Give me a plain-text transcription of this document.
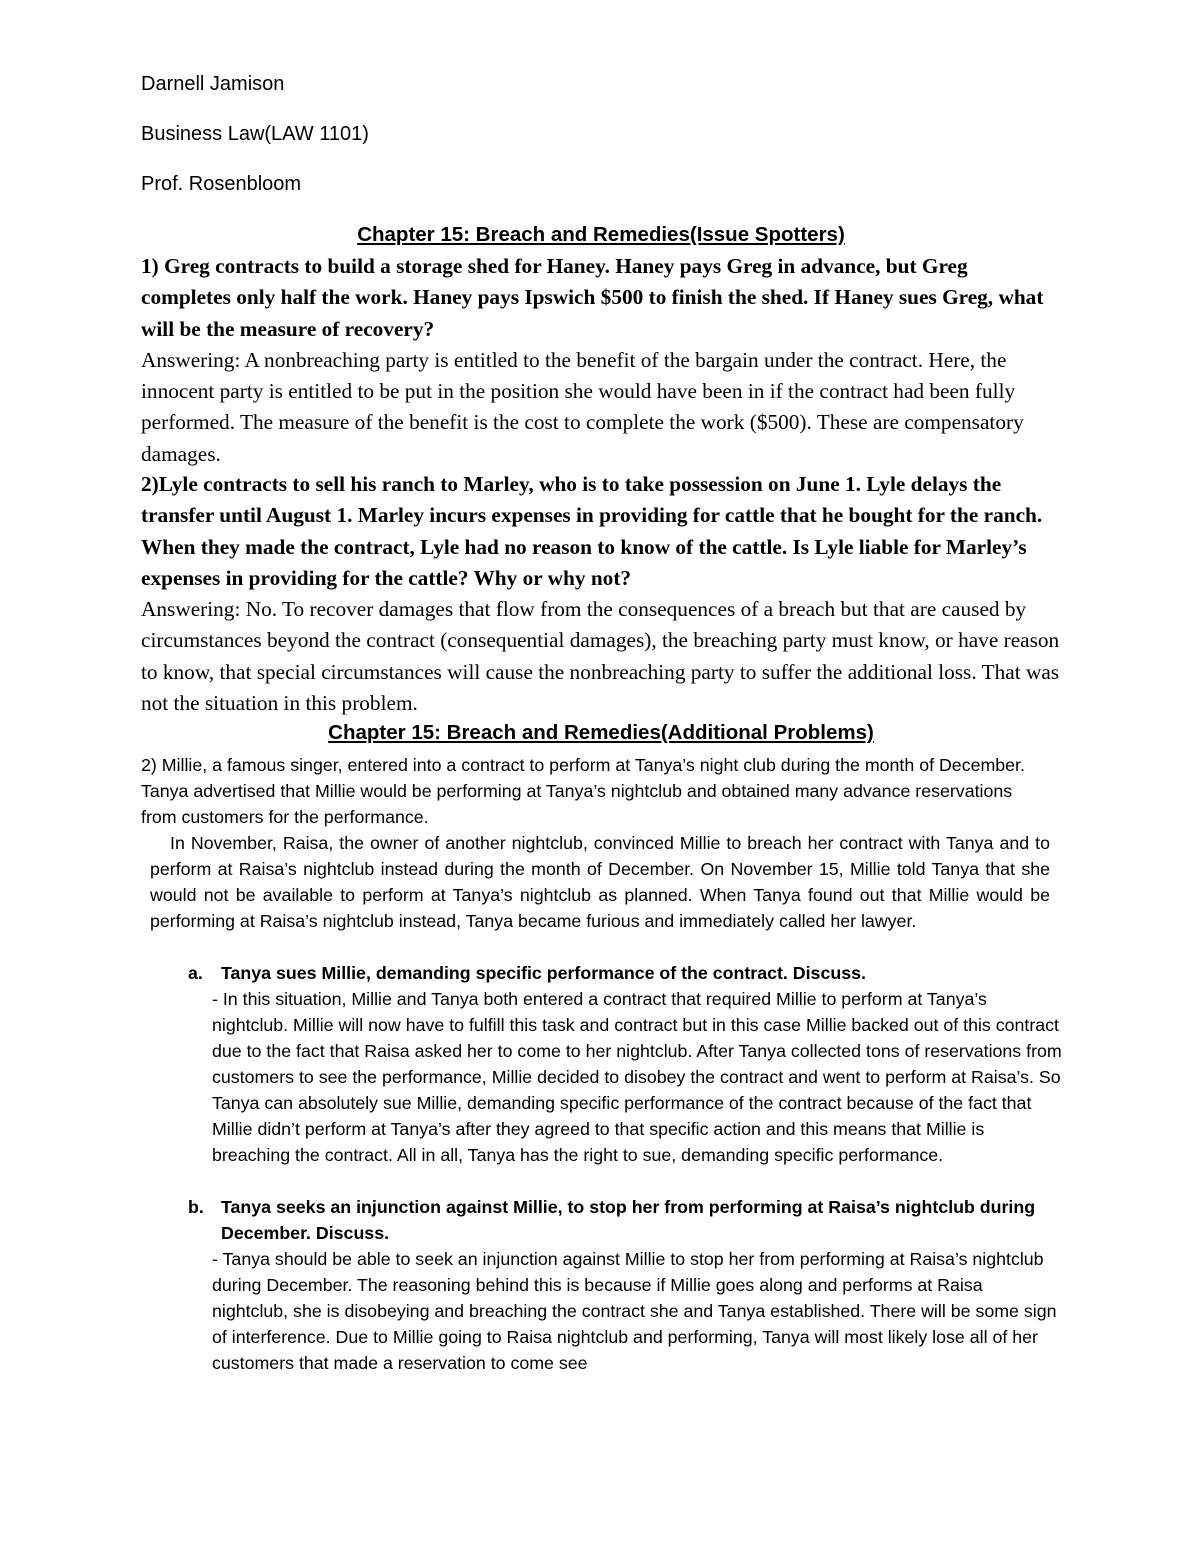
Darnell Jamison

Business Law(LAW 1101)

Prof. Rosenbloom

Chapter 15: Breach and Remedies(Issue Spotters)

1) Greg contracts to build a storage shed for Haney. Haney pays Greg in advance, but Greg completes only half the work. Haney pays Ipswich $500 to finish the shed. If Haney sues Greg, what will be the measure of recovery?

Answering: A nonbreaching party is entitled to the benefit of the bargain under the contract. Here, the innocent party is entitled to be put in the position she would have been in if the contract had been fully performed. The measure of the benefit is the cost to complete the work ($500). These are compensatory damages.

2)Lyle contracts to sell his ranch to Marley, who is to take possession on June 1. Lyle delays the transfer until August 1. Marley incurs expenses in providing for cattle that he bought for the ranch. When they made the contract, Lyle had no reason to know of the cattle. Is Lyle liable for Marley’s expenses in providing for the cattle? Why or why not?

Answering: No. To recover damages that flow from the consequences of a breach but that are caused by circumstances beyond the contract (consequential damages), the breaching party must know, or have reason to know, that special circumstances will cause the nonbreaching party to suffer the additional loss. That was not the situation in this problem.

Chapter 15: Breach and Remedies(Additional Problems)

2) Millie, a famous singer, entered into a contract to perform at Tanya’s night club during the month of December. Tanya advertised that Millie would be performing at Tanya’s nightclub and obtained many advance reservations from customers for the performance.

In November, Raisa, the owner of another nightclub, convinced Millie to breach her contract with Tanya and to perform at Raisa’s nightclub instead during the month of December. On November 15, Millie told Tanya that she would not be available to perform at Tanya’s nightclub as planned. When Tanya found out that Millie would be performing at Raisa’s nightclub instead, Tanya became furious and immediately called her lawyer.

a. Tanya sues Millie, demanding specific performance of the contract. Discuss.

- In this situation, Millie and Tanya both entered a contract that required Millie to perform at Tanya’s nightclub. Millie will now have to fulfill this task and contract but in this case Millie backed out of this contract due to the fact that Raisa asked her to come to her nightclub. After Tanya collected tons of reservations from customers to see the performance, Millie decided to disobey the contract and went to perform at Raisa’s. So Tanya can absolutely sue Millie, demanding specific performance of the contract because of the fact that Millie didn’t perform at Tanya’s after they agreed to that specific action and this means that Millie is breaching the contract. All in all, Tanya has the right to sue, demanding specific performance.

b. Tanya seeks an injunction against Millie, to stop her from performing at Raisa’s nightclub during December. Discuss.

- Tanya should be able to seek an injunction against Millie to stop her from performing at Raisa’s nightclub during December. The reasoning behind this is because if Millie goes along and performs at Raisa nightclub, she is disobeying and breaching the contract she and Tanya established. There will be some sign of interference. Due to Millie going to Raisa nightclub and performing, Tanya will most likely lose all of her customers that made a reservation to come see
